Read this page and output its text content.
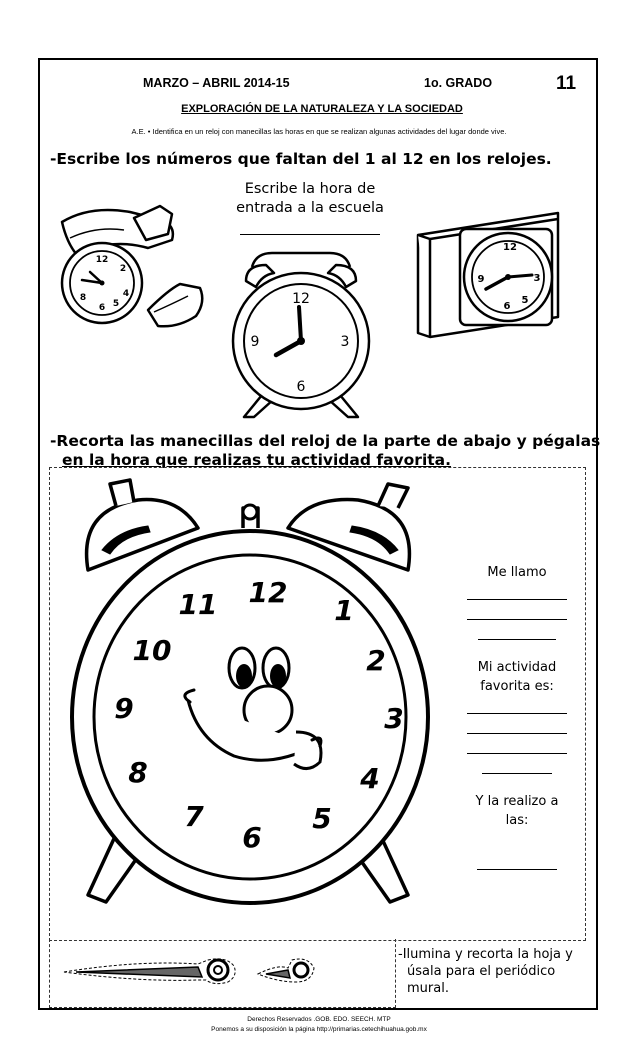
MARZO – ABRIL 2014-15	1o. GRADO	11
EXPLORACIÓN DE LA NATURALEZA Y LA SOCIEDAD
A.E. • Identifica en un reloj con manecillas las horas en que se realizan algunas actividades del lugar donde vive.
-Escribe los números que faltan del 1 al 12 en los relojes.
Escribe la hora de
entrada a la escuela
12
2
4
5
6
8	12
3
6
9
12
3
5
6
9
-Recorta las manecillas del reloj de la parte de abajo y pégalas
en la hora que realizas tu actividad favorita.
12
1
2
3
4
5
6
7
8
9
10
11
Me llamo
Mi actividad
favorita es:
Y la realizo a
las:
-Ilumina y recorta la hoja y
úsala para el periódico
mural.
Derechos Reservados .GOB. EDO. SEECH. MTP
Ponemos a su disposición la página http://primarias.cetechihuahua.gob.mx
